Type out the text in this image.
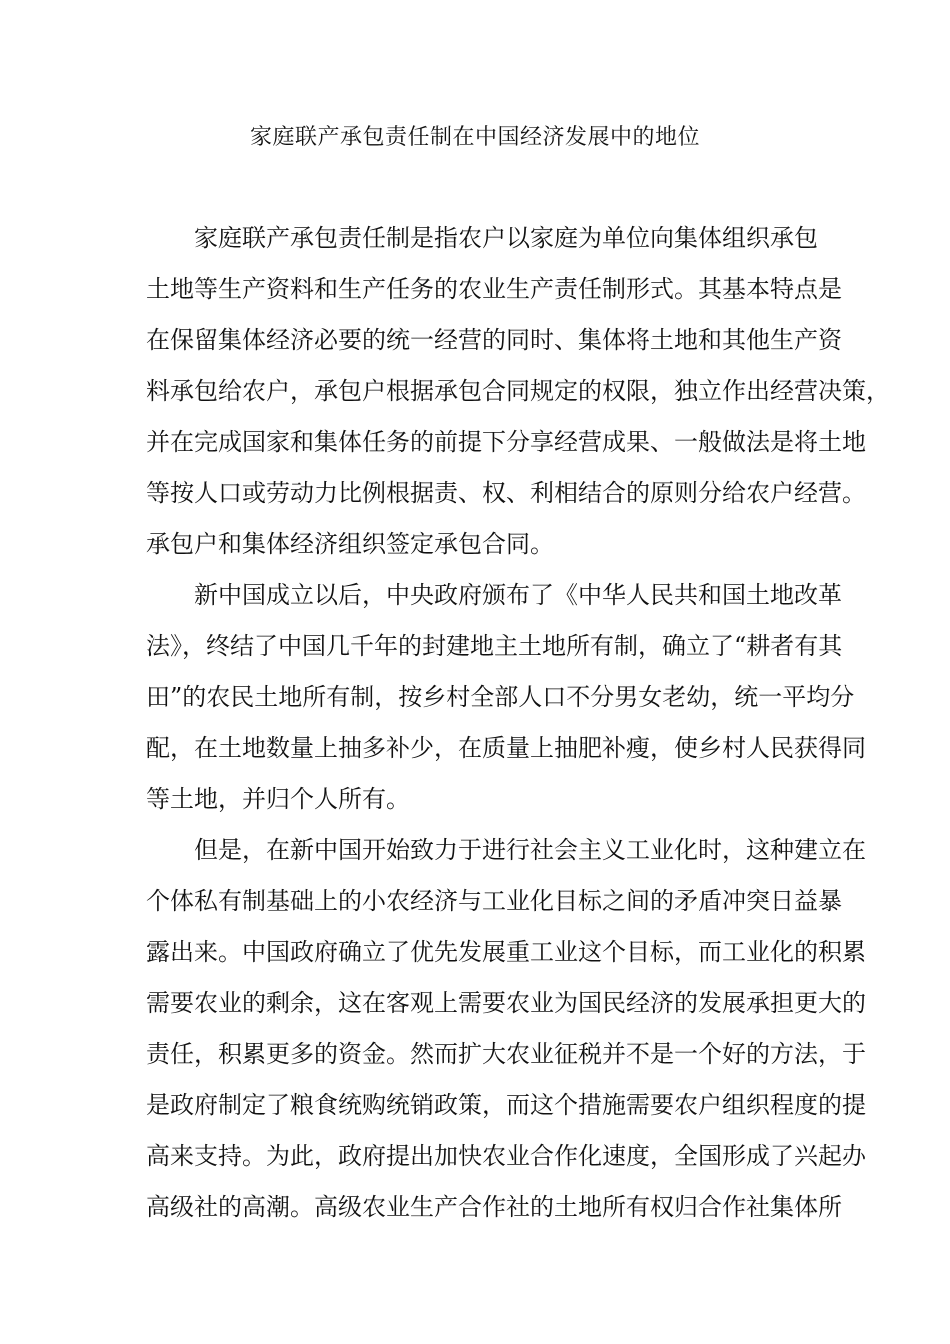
家庭联产承包责任制在中国经济发展中的地位

家庭联产承包责任制是指农户以家庭为单位向集体组织承包
土地等生产资料和生产任务的农业生产责任制形式。其基本特点是
在保留集体经济必要的统一经营的同时、集体将土地和其他生产资
料承包给农户，承包户根据承包合同规定的权限，独立作出经营决策，
并在完成国家和集体任务的前提下分享经营成果、一般做法是将土地
等按人口或劳动力比例根据责、权、利相结合的原则分给农户经营。
承包户和集体经济组织签定承包合同。

新中国成立以后，中央政府颁布了《中华人民共和国土地改革
法》，终结了中国几千年的封建地主土地所有制，确立了“耕者有其
田”的农民土地所有制，按乡村全部人口不分男女老幼，统一平均分
配，在土地数量上抽多补少，在质量上抽肥补瘦，使乡村人民获得同
等土地，并归个人所有。

但是，在新中国开始致力于进行社会主义工业化时，这种建立在
个体私有制基础上的小农经济与工业化目标之间的矛盾冲突日益暴
露出来。中国政府确立了优先发展重工业这个目标，而工业化的积累
需要农业的剩余，这在客观上需要农业为国民经济的发展承担更大的
责任，积累更多的资金。然而扩大农业征税并不是一个好的方法，于
是政府制定了粮食统购统销政策，而这个措施需要农户组织程度的提
高来支持。为此，政府提出加快农业合作化速度，全国形成了兴起办
高级社的高潮。高级农业生产合作社的土地所有权归合作社集体所
